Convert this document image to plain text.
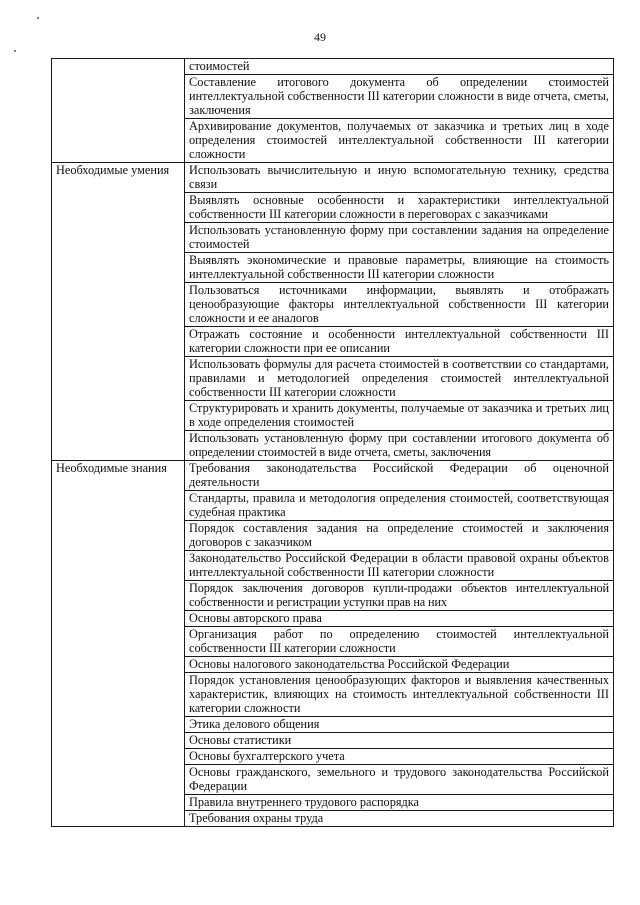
49
	стоимостей
	Составление итогового документа об определении стоимостей интеллектуальной собственности III категории сложности в виде отчета, сметы, заключения
	Архивирование документов, получаемых от заказчика и третьих лиц в ходе определения стоимостей интеллектуальной собственности III категории сложности
Необходимые умения	Использовать вычислительную и иную вспомогательную технику, средства связи
	Выявлять основные особенности и характеристики интеллектуальной собственности III категории сложности в переговорах с заказчиками
	Использовать установленную форму при составлении задания на определение стоимостей
	Выявлять экономические и правовые параметры, влияющие на стоимость интеллектуальной собственности III категории сложности
	Пользоваться источниками информации, выявлять и отображать ценообразующие факторы интеллектуальной собственности III категории сложности и ее аналогов
	Отражать состояние и особенности интеллектуальной собственности III категории сложности при ее описании
	Использовать формулы для расчета стоимостей в соответствии со стандартами, правилами и методологией определения стоимостей интеллектуальной собственности III категории сложности
	Структурировать и хранить документы, получаемые от заказчика и третьих лиц в ходе определения стоимостей
	Использовать установленную форму при составлении итогового документа об определении стоимостей в виде отчета, сметы, заключения
Необходимые знания	Требования законодательства Российской Федерации об оценочной деятельности
	Стандарты, правила и методология определения стоимостей, соответствующая судебная практика
	Порядок составления задания на определение стоимостей и заключения договоров с заказчиком
	Законодательство Российской Федерации в области правовой охраны объектов интеллектуальной собственности III категории сложности
	Порядок заключения договоров купли-продажи объектов интеллектуальной собственности и регистрации уступки прав на них
	Основы авторского права
	Организация работ по определению стоимостей интеллектуальной собственности III категории сложности
	Основы налогового законодательства Российской Федерации
	Порядок установления ценообразующих факторов и выявления качественных характеристик, влияющих на стоимость интеллектуальной собственности III категории сложности
	Этика делового общения
	Основы статистики
	Основы бухгалтерского учета
	Основы гражданского, земельного и трудового законодательства Российской Федерации
	Правила внутреннего трудового распорядка
	Требования охраны труда
